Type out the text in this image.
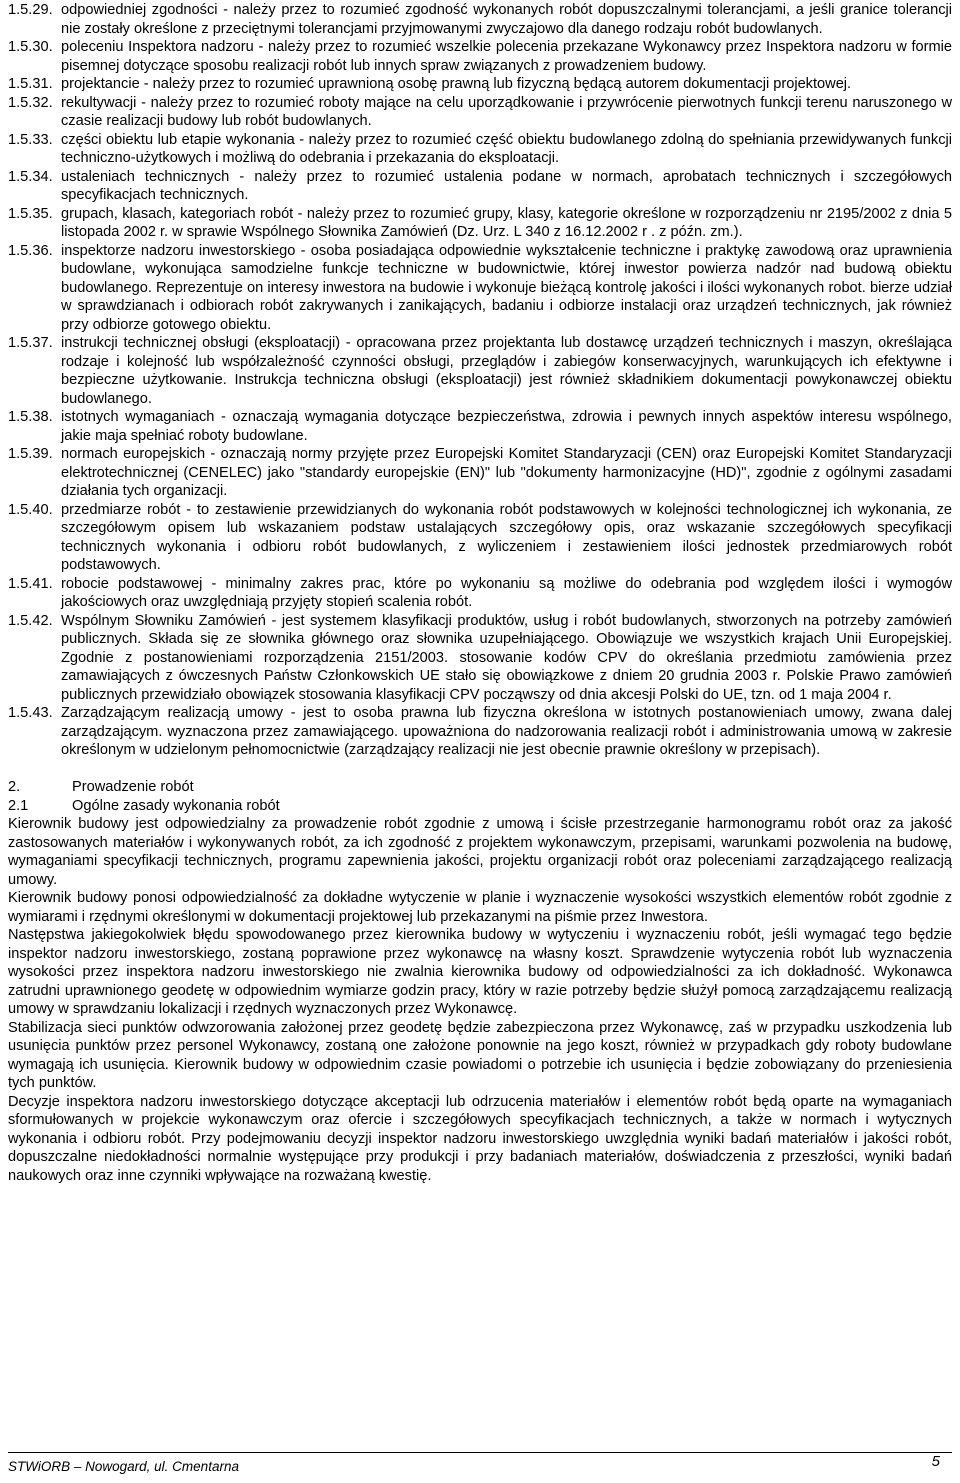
1.5.29. odpowiedniej zgodności - należy przez to rozumieć zgodność wykonanych robót dopuszczalnymi tolerancjami, a jeśli granice tolerancji nie zostały określone z przeciętnymi tolerancjami przyjmowanymi zwyczajowo dla danego rodzaju robót budowlanych.

1.5.30. poleceniu Inspektora nadzoru - należy przez to rozumieć wszelkie polecenia przekazane Wykonawcy przez Inspektora nadzoru w formie pisemnej dotyczące sposobu realizacji robót lub innych spraw związanych z prowadzeniem budowy.

1.5.31. projektancie - należy przez to rozumieć uprawnioną osobę prawną lub fizyczną będącą autorem dokumentacji projektowej.

1.5.32. rekultywacji - należy przez to rozumieć roboty mające na celu uporządkowanie i przywrócenie pierwotnych funkcji terenu naruszonego w czasie realizacji budowy lub robót budowlanych.

1.5.33. części obiektu lub etapie wykonania - należy przez to rozumieć część obiektu budowlanego zdolną do spełniania przewidywanych funkcji techniczno-użytkowych i możliwą do odebrania i przekazania do eksploatacji.

1.5.34. ustaleniach technicznych - należy przez to rozumieć ustalenia podane w normach, aprobatach technicznych i szczegółowych specyfikacjach technicznych.

1.5.35. grupach, klasach, kategoriach robót - należy przez to rozumieć grupy, klasy, kategorie określone w rozporządzeniu nr 2195/2002 z dnia 5 listopada 2002 r. w sprawie Wspólnego Słownika Zamówień (Dz. Urz. L 340 z 16.12.2002 r . z późn. zm.).

1.5.36. inspektorze nadzoru inwestorskiego - osoba posiadająca odpowiednie wykształcenie techniczne i praktykę zawodową oraz uprawnienia budowlane, wykonująca samodzielne funkcje techniczne w budownictwie, której inwestor powierza nadzór nad budową obiektu budowlanego. Reprezentuje on interesy inwestora na budowie i wykonuje bieżącą kontrolę jakości i ilości wykonanych robot. bierze udział w sprawdzianach i odbiorach robót zakrywanych i zanikających, badaniu i odbiorze instalacji oraz urządzeń technicznych, jak również przy odbiorze gotowego obiektu.

1.5.37. instrukcji technicznej obsługi (eksploatacji) - opracowana przez projektanta lub dostawcę urządzeń technicznych i maszyn, określająca rodzaje i kolejność lub współzależność czynności obsługi, przeglądów i zabiegów konserwacyjnych, warunkujących ich efektywne i bezpieczne użytkowanie. Instrukcja techniczna obsługi (eksploatacji) jest również składnikiem dokumentacji powykonawczej obiektu budowlanego.

1.5.38. istotnych wymaganiach - oznaczają wymagania dotyczące bezpieczeństwa, zdrowia i pewnych innych aspektów interesu wspólnego, jakie maja spełniać roboty budowlane.

1.5.39. normach europejskich - oznaczają normy przyjęte przez Europejski Komitet Standaryzacji (CEN) oraz Europejski Komitet Standaryzacji elektrotechnicznej (CENELEC) jako "standardy europejskie (EN)" lub "dokumenty harmonizacyjne (HD)", zgodnie z ogólnymi zasadami działania tych organizacji.

1.5.40. przedmiarze robót - to zestawienie przewidzianych do wykonania robót podstawowych w kolejności technologicznej ich wykonania, ze szczegółowym opisem lub wskazaniem podstaw ustalających szczegółowy opis, oraz wskazanie szczegółowych specyfikacji technicznych wykonania i odbioru robót budowlanych, z wyliczeniem i zestawieniem ilości jednostek przedmiarowych robót podstawowych.

1.5.41. robocie podstawowej - minimalny zakres prac, które po wykonaniu są możliwe do odebrania pod względem ilości i wymogów jakościowych oraz uwzględniają przyjęty stopień scalenia robót.

1.5.42. Wspólnym Słowniku Zamówień - jest systemem klasyfikacji produktów, usług i robót budowlanych, stworzonych na potrzeby zamówień publicznych. Składa się ze słownika głównego oraz słownika uzupełniającego. Obowiązuje we wszystkich krajach Unii Europejskiej. Zgodnie z postanowieniami rozporządzenia 2151/2003. stosowanie kodów CPV do określania przedmiotu zamówienia przez zamawiających z ówczesnych Państw Członkowskich UE stało się obowiązkowe z dniem 20 grudnia 2003 r. Polskie Prawo zamówień publicznych przewidziało obowiązek stosowania klasyfikacji CPV począwszy od dnia akcesji Polski do UE, tzn. od 1 maja 2004 r.

1.5.43. Zarządzającym realizacją umowy - jest to osoba prawna lub fizyczna określona w istotnych postanowieniach umowy, zwana dalej zarządzającym. wyznaczona przez zamawiającego. upoważniona do nadzorowania realizacji robót i administrowania umową w zakresie określonym w udzielonym pełnomocnictwie (zarządzający realizacji nie jest obecnie prawnie określony w przepisach).

2.	Prowadzenie robót

2.1	Ogólne zasady wykonania robót

Kierownik budowy jest odpowiedzialny za prowadzenie robót zgodnie z umową i ścisłe przestrzeganie harmonogramu robót oraz za jakość zastosowanych materiałów i wykonywanych robót, za ich zgodność z projektem wykonawczym, przepisami, warunkami pozwolenia na budowę, wymaganiami specyfikacji technicznych, programu zapewnienia jakości, projektu organizacji robót oraz poleceniami zarządzającego realizacją umowy.

Kierownik budowy ponosi odpowiedzialność za dokładne wytyczenie w planie i wyznaczenie wysokości wszystkich elementów robót zgodnie z wymiarami i rzędnymi określonymi w dokumentacji projektowej lub przekazanymi na piśmie przez Inwestora.

Następstwa jakiegokolwiek błędu spowodowanego przez kierownika budowy w wytyczeniu i wyznaczeniu robót, jeśli wymagać tego będzie inspektor nadzoru inwestorskiego, zostaną poprawione przez wykonawcę na własny koszt. Sprawdzenie wytyczenia robót lub wyznaczenia wysokości przez inspektora nadzoru inwestorskiego nie zwalnia kierownika budowy od odpowiedzialności za ich dokładność. Wykonawca zatrudni uprawnionego geodetę w odpowiednim wymiarze godzin pracy, który w razie potrzeby będzie służył pomocą zarządzającemu realizacją umowy w sprawdzaniu lokalizacji i rzędnych wyznaczonych przez Wykonawcę.

Stabilizacja sieci punktów odwzorowania założonej przez geodetę będzie zabezpieczona przez Wykonawcę, zaś w przypadku uszkodzenia lub usunięcia punktów przez personel Wykonawcy, zostaną one założone ponownie na jego koszt, również w przypadkach gdy roboty budowlane wymagają ich usunięcia. Kierownik budowy w odpowiednim czasie powiadomi o potrzebie ich usunięcia i będzie zobowiązany do przeniesienia tych punktów.

Decyzje inspektora nadzoru inwestorskiego dotyczące akceptacji lub odrzucenia materiałów i elementów robót będą oparte na wymaganiach sformułowanych w projekcie wykonawczym oraz ofercie i szczegółowych specyfikacjach technicznych, a także w normach i wytycznych wykonania i odbioru robót. Przy podejmowaniu decyzji inspektor nadzoru inwestorskiego uwzględnia wyniki badań materiałów i jakości robót, dopuszczalne niedokładności normalnie występujące przy produkcji i przy badaniach materiałów, doświadczenia z przeszłości, wyniki badań naukowych oraz inne czynniki wpływające na rozważaną kwestię.

STWiORB – Nowogard, ul. Cmentarna	5
